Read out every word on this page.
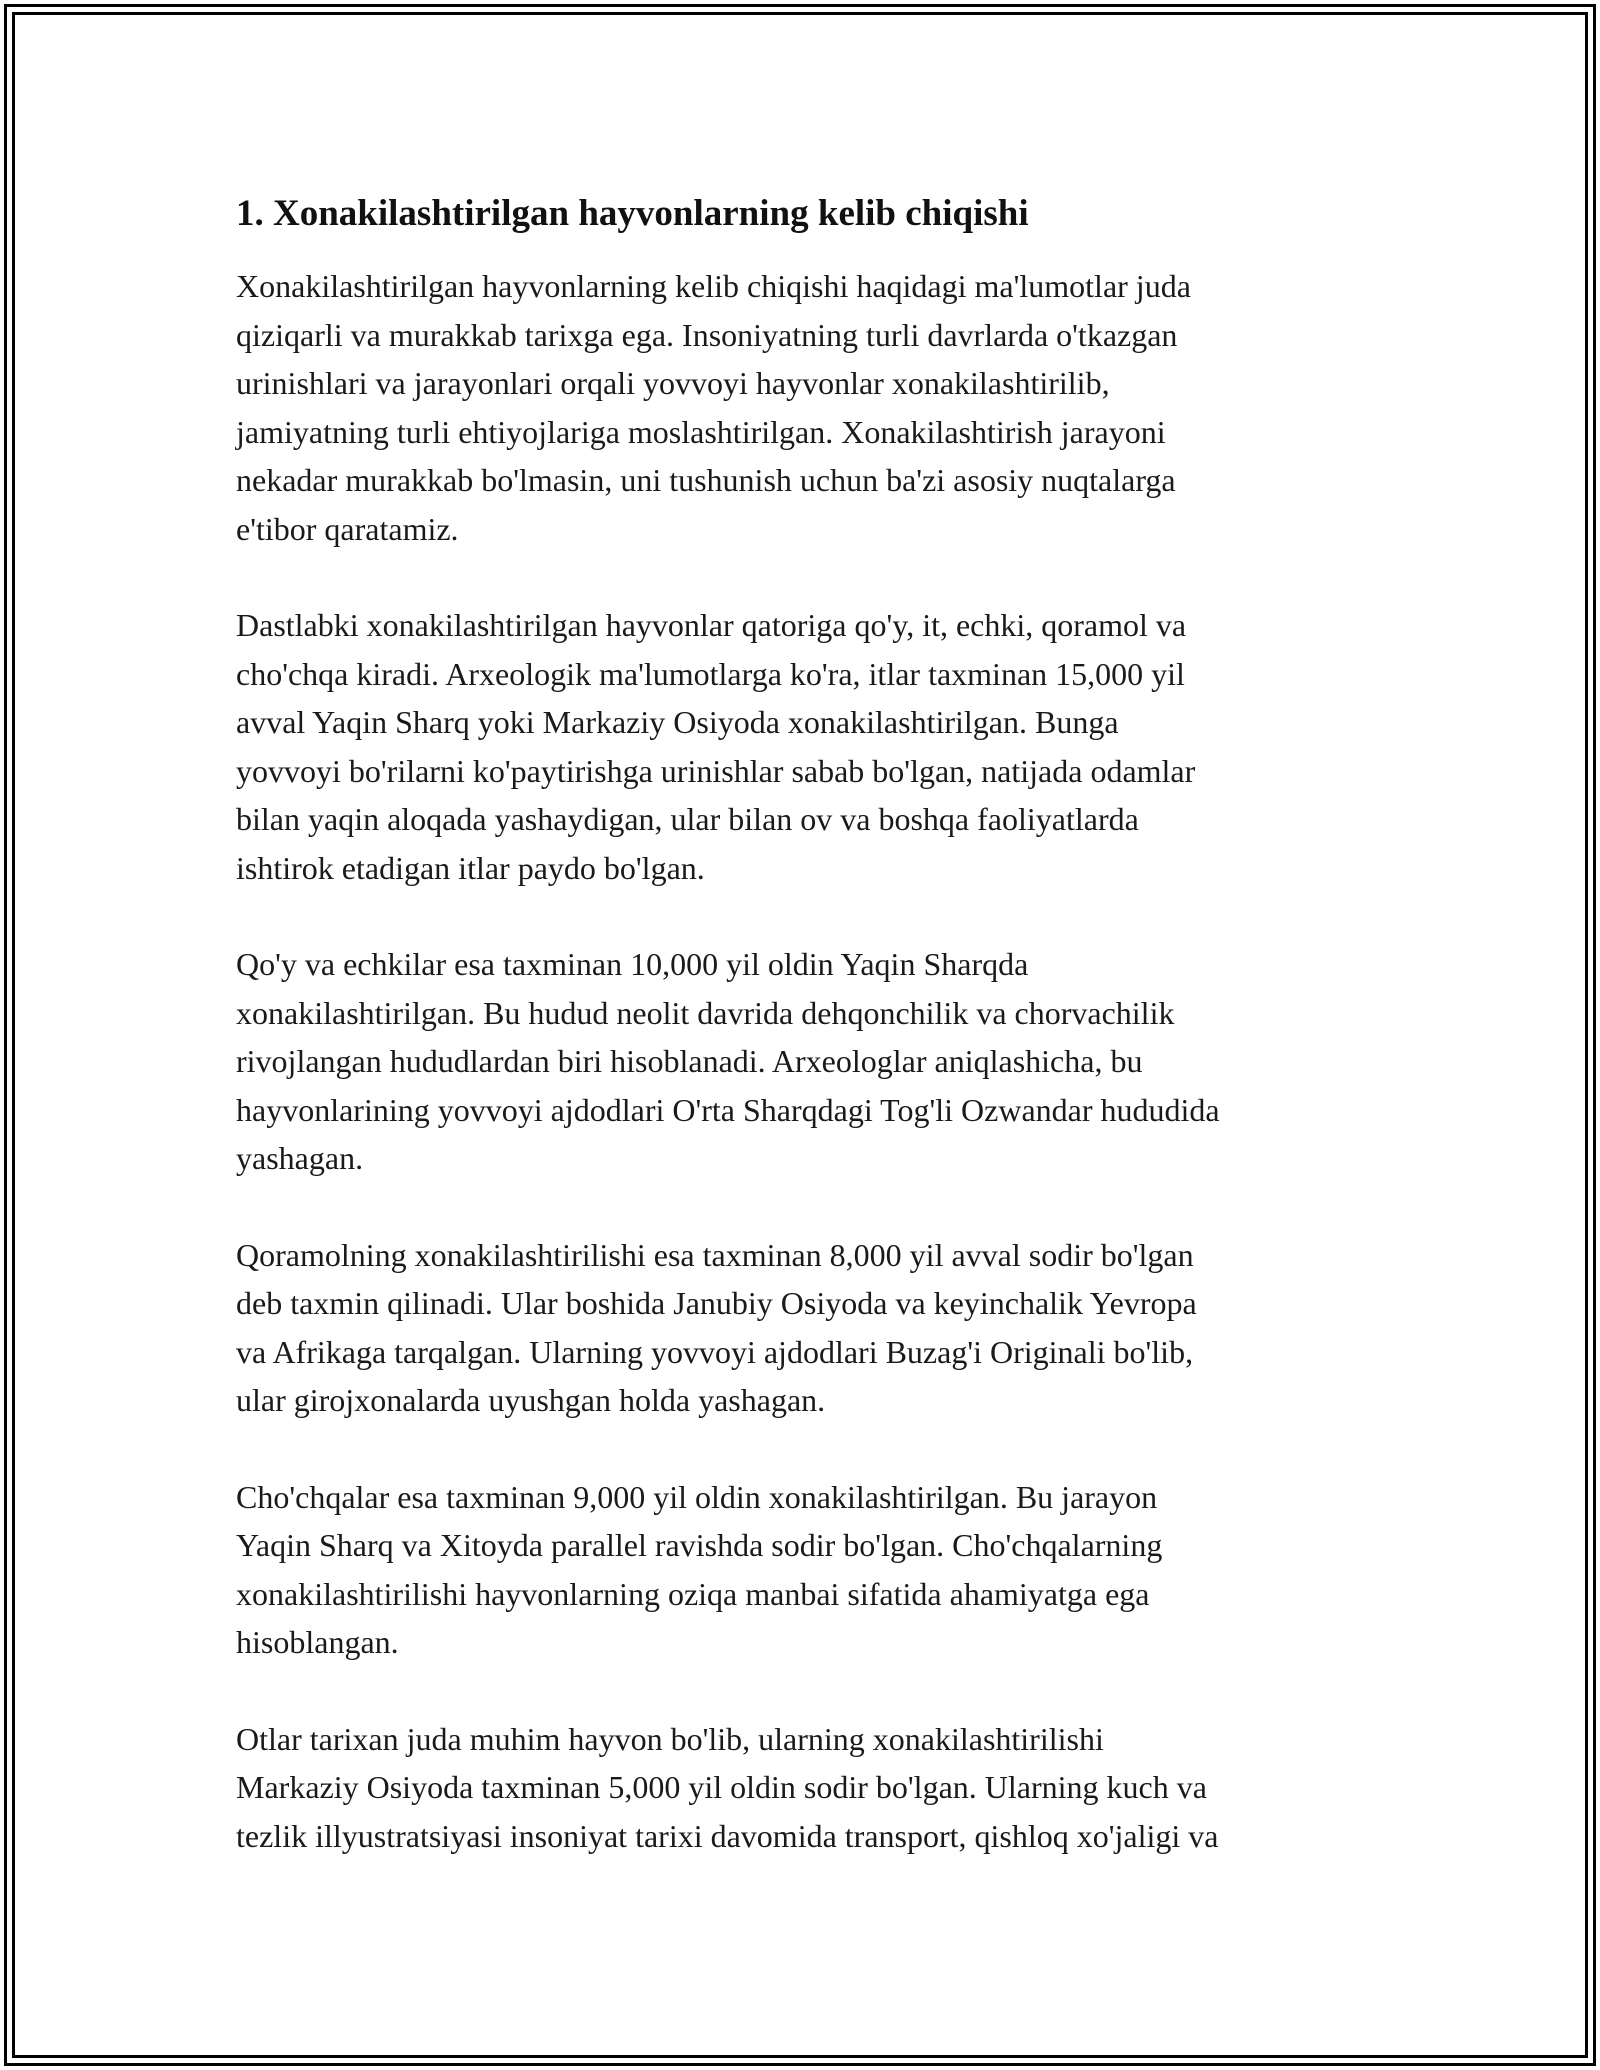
1. Xonakilashtirilgan hayvonlarning kelib chiqishi

Xonakilashtirilgan hayvonlarning kelib chiqishi haqidagi ma'lumotlar juda
qiziqarli va murakkab tarixga ega. Insoniyatning turli davrlarda o'tkazgan
urinishlari va jarayonlari orqali yovvoyi hayvonlar xonakilashtirilib,
jamiyatning turli ehtiyojlariga moslashtirilgan. Xonakilashtirish jarayoni
nekadar murakkab bo'lmasin, uni tushunish uchun ba'zi asosiy nuqtalarga
e'tibor qaratamiz.

Dastlabki xonakilashtirilgan hayvonlar qatoriga qo'y, it, echki, qoramol va
cho'chqa kiradi. Arxeologik ma'lumotlarga ko'ra, itlar taxminan 15,000 yil
avval Yaqin Sharq yoki Markaziy Osiyoda xonakilashtirilgan. Bunga
yovvoyi bo'rilarni ko'paytirishga urinishlar sabab bo'lgan, natijada odamlar
bilan yaqin aloqada yashaydigan, ular bilan ov va boshqa faoliyatlarda
ishtirok etadigan itlar paydo bo'lgan.

Qo'y va echkilar esa taxminan 10,000 yil oldin Yaqin Sharqda
xonakilashtirilgan. Bu hudud neolit davrida dehqonchilik va chorvachilik
rivojlangan hududlardan biri hisoblanadi. Arxeologlar aniqlashicha, bu
hayvonlarining yovvoyi ajdodlari O'rta Sharqdagi Tog'li Ozwandar hududida
yashagan.

Qoramolning xonakilashtirilishi esa taxminan 8,000 yil avval sodir bo'lgan
deb taxmin qilinadi. Ular boshida Janubiy Osiyoda va keyinchalik Yevropa
va Afrikaga tarqalgan. Ularning yovvoyi ajdodlari Buzag'i Originali bo'lib,
ular girojxonalarda uyushgan holda yashagan.

Cho'chqalar esa taxminan 9,000 yil oldin xonakilashtirilgan. Bu jarayon
Yaqin Sharq va Xitoyda parallel ravishda sodir bo'lgan. Cho'chqalarning
xonakilashtirilishi hayvonlarning oziqa manbai sifatida ahamiyatga ega
hisoblangan.

Otlar tarixan juda muhim hayvon bo'lib, ularning xonakilashtirilishi
Markaziy Osiyoda taxminan 5,000 yil oldin sodir bo'lgan. Ularning kuch va
tezlik illyustratsiyasi insoniyat tarixi davomida transport, qishloq xo'jaligi va
